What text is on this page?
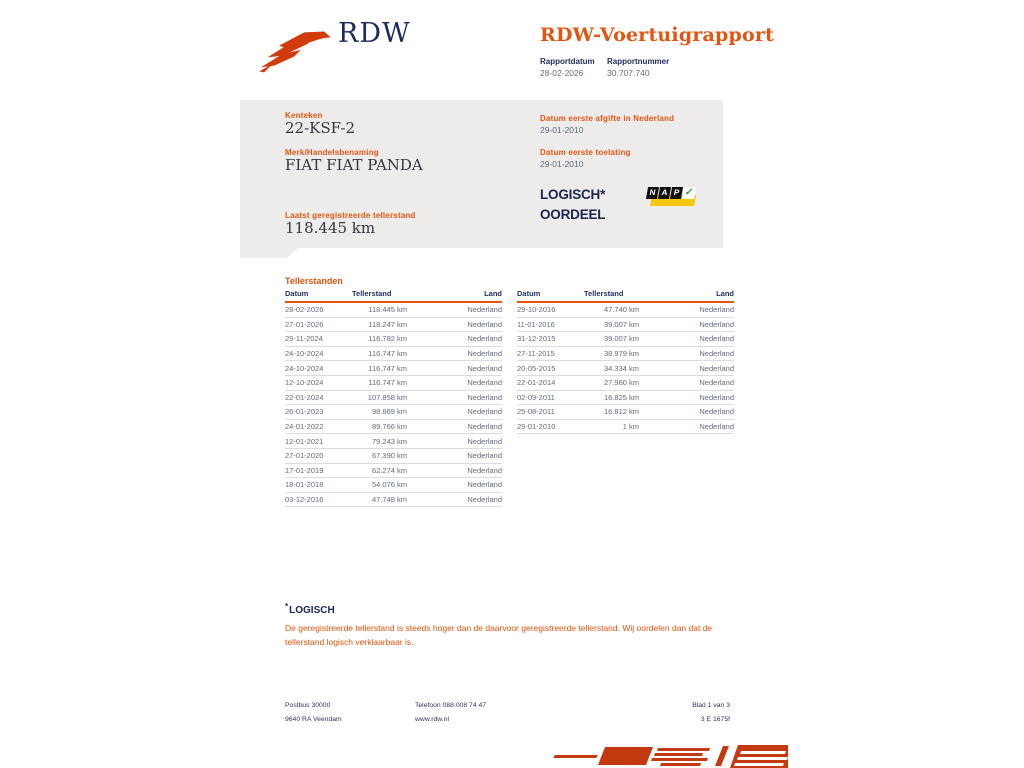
RDW	RDW-Voertuigrapport
Rapportdatum Rapportnummer
28-02-2026	30.707.740
Kenteken
22-KSF-2
Merk/Handelsbenaming
FIAT FIAT PANDA
Laatst geregistreerde tellerstand
118.445 km
Datum eerste afgifte in Nederland
29-01-2010
Datum eerste toelating
29-01-2010
LOGISCH*
OORDEEL
N A P ✓
Tellerstanden
Datum	Tellerstand	Land
28-02-2026	118.445 km	Nederland
27-01-2026	118.247 km	Nederland
29-11-2024	116.782 km	Nederland
24-10-2024	116.747 km	Nederland
24-10-2024	116.747 km	Nederland
12-10-2024	116.747 km	Nederland
22-01-2024	107.858 km	Nederland
26-01-2023	98.869 km	Nederland
24-01-2022	89.766 km	Nederland
12-01-2021	79.243 km	Nederland
27-01-2020	67.390 km	Nederland
17-01-2019	62.274 km	Nederland
18-01-2018	54.076 km	Nederland
03-12-2016	47.748 km	Nederland
Datum	Tellerstand	Land
29-10-2016	47.740 km	Nederland
11-01-2016	39.007 km	Nederland
31-12-2015	39.007 km	Nederland
27-11-2015	38.979 km	Nederland
20-05-2015	34.334 km	Nederland
22-01-2014	27.960 km	Nederland
02-09-2011	16.825 km	Nederland
25-08-2011	16.812 km	Nederland
29-01-2010	1 km	Nederland
*LOGISCH
De geregistreerde tellerstand is steeds hoger dan de daarvoor geregistreerde tellerstand. Wij oordelen dan dat de tellerstand logisch verklaarbaar is.
Postbus 30000
9640 RA Veendam
Telefoon 088 008 74 47
www.rdw.nl
Blad 1 van 3
3 E 1675f
